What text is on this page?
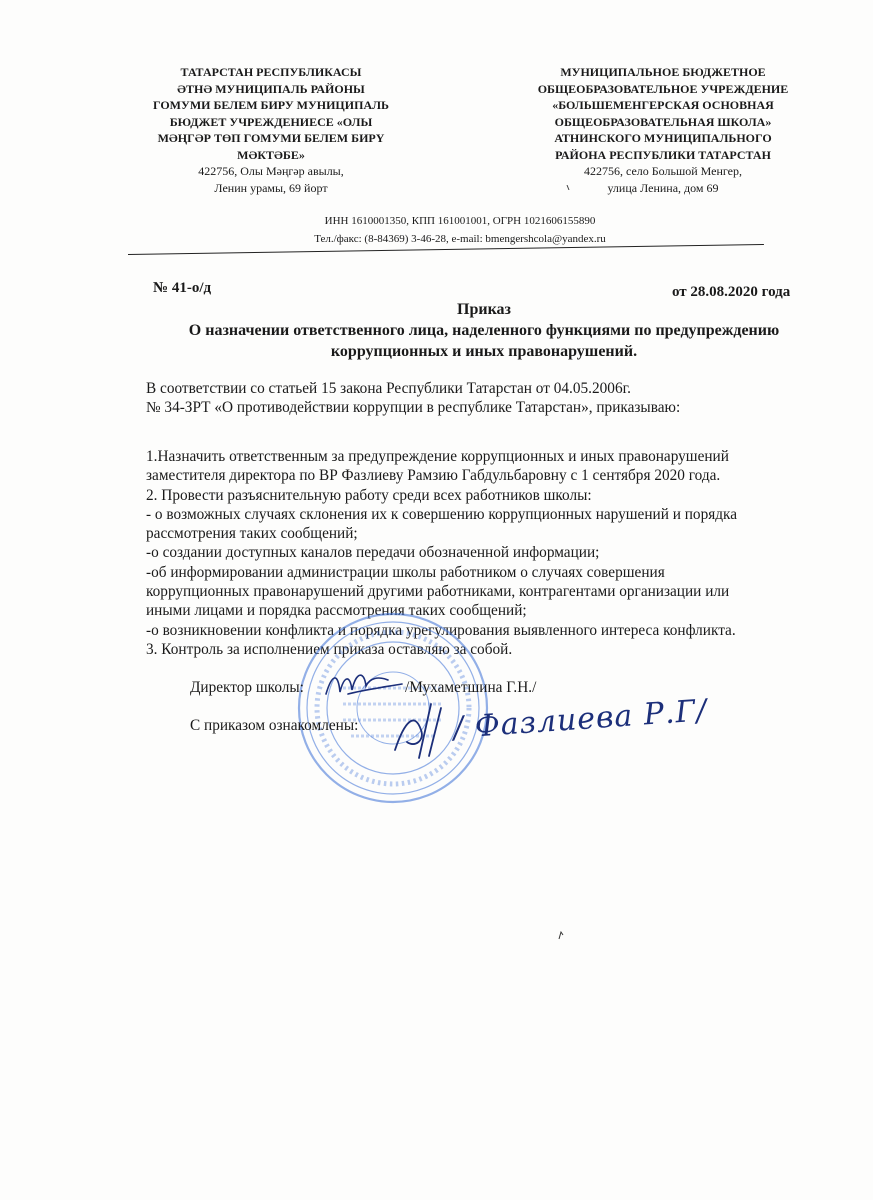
ТАТАРСТАН РЕСПУБЛИКАСЫ
ӘТНӘ МУНИЦИПАЛЬ РАЙОНЫ
ГОМУМИ БЕЛЕМ БИРУ МУНИЦИПАЛЬ
БЮДЖЕТ УЧРЕЖДЕНИЕСЕ «ОЛЫ
МӘҢГӘР ТӨП ГОМУМИ БЕЛЕМ БИРҮ
МӘКТӘБЕ»
422756, Олы Мәңгәр авылы,
Ленин урамы, 69 йорт
МУНИЦИПАЛЬНОЕ БЮДЖЕТНОЕ
ОБЩЕОБРАЗОВАТЕЛЬНОЕ УЧРЕЖДЕНИЕ
«БОЛЬШЕМЕНГЕРСКАЯ ОСНОВНАЯ
ОБЩЕОБРАЗОВАТЕЛЬНАЯ ШКОЛА»
АТНИНСКОГО МУНИЦИПАЛЬНОГО
РАЙОНА РЕСПУБЛИКИ ТАТАРСТАН
422756, село Большой Менгер,
улица Ленина, дом 69
ИНН 1610001350, КПП 161001001, ОГРН 1021606155890
Тел./факс: (8-84369) 3-46-28, e-mail: bmengershcola@yandex.ru
№ 41-о/д	от 28.08.2020 года
Приказ
О назначении ответственного лица, наделенного функциями по предупреждению
коррупционных и иных правонарушений.
В соответствии со статьей 15 закона Республики Татарстан от 04.05.2006г.
№ 34-ЗРТ «О противодействии коррупции в республике Татарстан», приказываю:
1.Назначить ответственным за предупреждение коррупционных и иных правонарушений
заместителя директора по ВР Фазлиеву Рамзию Габдульбаровну с 1 сентября 2020 года.
2. Провести разъяснительную работу среди всех работников школы:
- о возможных случаях склонения их к совершению коррупционных нарушений и порядка
рассмотрения таких сообщений;
-о создании доступных каналов передачи обозначенной информации;
-об информировании администрации школы работником о случаях совершения
коррупционных правонарушений другими работниками, контрагентами организации или
иными лицами и порядка рассмотрения таких сообщений;
-о возникновении конфликта и порядка урегулирования выявленного интереса конфликта.
3. Контроль за исполнением приказа оставляю за собой.
Директор школы:	/Мухаметшина Г.Н./
С приказом ознакомлены:	/ Фазлиева Р.Г/
